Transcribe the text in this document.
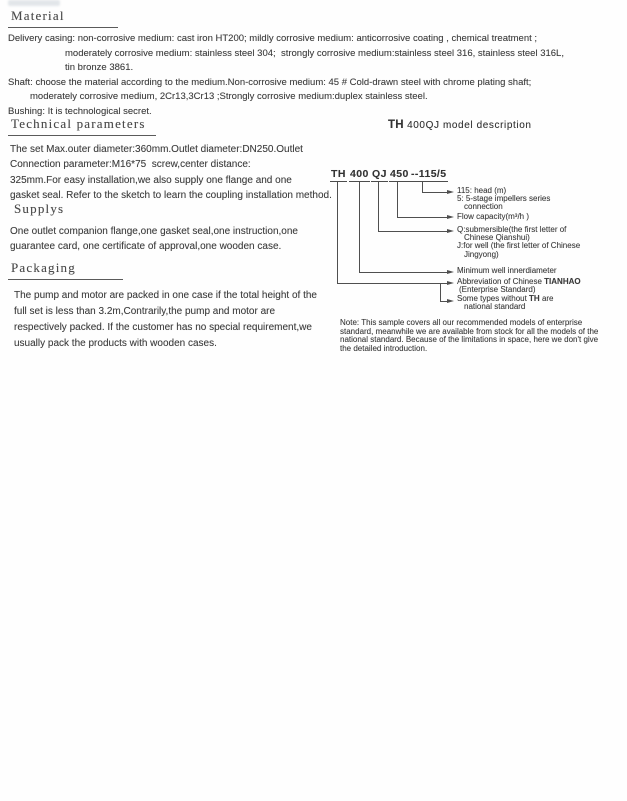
Material
Delivery casing: non-corrosive medium: cast iron HT200; mildly corrosive medium: anticorrosive coating , chemical treatment ;
moderately corrosive medium: stainless steel 304;  strongly corrosive medium:stainless steel 316, stainless steel 316L,
tin bronze 3861.
Shaft: choose the material according to the medium.Non-corrosive medium: 45 # Cold-drawn steel with chrome plating shaft;
moderately corrosive medium, 2Cr13,3Cr13 ;Strongly corrosive medium:duplex stainless steel.
Bushing: It is technological secret.
Technical parameters
The set Max.outer diameter:360mm.Outlet diameter:DN250.Outlet
Connection parameter:M16*75  screw,center distance:
325mm.For easy installation,we also supply one flange and one
gasket seal. Refer to the sketch to learn the coupling installation method.
Supplys
One outlet companion flange,one gasket seal,one instruction,one
guarantee card, one certificate of approval,one wooden case.
Packaging
The pump and motor are packed in one case if the total height of the
full set is less than 3.2m,Contrarily,the pump and motor are
respectively packed. If the customer has no special requirement,we
usually pack the products with wooden cases.
TH 400QJ model description
TH 400 QJ 450 --115/5
115: head (m)
5: 5-stage impellers series
connection
Flow capacity(m³/h )
Q:submersible(the first letter of
Chinese Qianshui)
J:for well (the first letter of Chinese
Jingyong)
Minimum well innerdiameter
Abbreviation of Chinese TIANHAO
(Enterprise Standard)
Some types without TH are
national standard
Note: This sample covers all our recommended models of enterprise
standard, meanwhile we are available from stock for all the models of the
national standard. Because of the limitations in space, here we don't give
the detailed introduction.
